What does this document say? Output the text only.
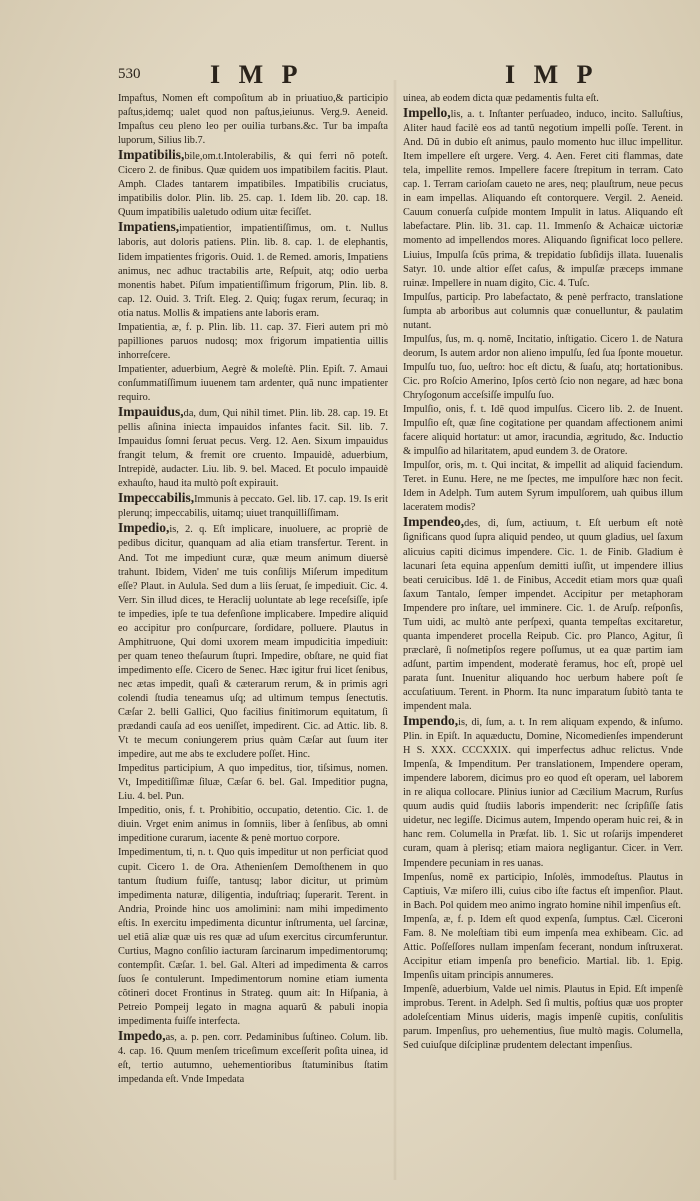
530	I M P	I M P

Impaftus, Nomen eft compoſitum ab in priuatiuo,& participio paſtus,idemq; ualet quod non paſtus,ieiunus. Verg.9. Aeneid. Impaſtus ceu pleno leo per ouilia turbans.&c. Tur ba impaſta luporum, Silius lib.7.

Impatibilis,bile,om.t.Intolerabilis, & qui ferri nõ poteſt. Cicero 2. de finibus. Quæ quidem uos impatibilem facitis. Plaut. Amph. Clades tantarem impatibiles. Impatibilis cruciatus, impatibilis dolor. Plin. lib. 25. cap. 1. Idem lib. 20. cap. 18. Quum impatibilis ualetudo odium uitæ feciſſet.

Impatiens,impatientior, impatientiſſimus, om. t. Nullus laboris, aut doloris patiens. Plin. lib. 8. cap. 1. de elephantis, Iidem impatientes frigoris. Ouid. 1. de Remed. amoris, Impatiens animus, nec adhuc tractabilis arte, Reſpuit, atq; odio uerba monentis habet. Piſum impatientiſſimum frigorum, Plin. lib. 8. cap. 12. Ouid. 3. Triſt. Eleg. 2. Quiq; fugax rerum, ſecuraq; in otia natus. Mollis & impatiens ante laboris eram.

Impatientia, æ, f. p. Plin. lib. 11. cap. 37. Fieri autem pri mò papilliones paruos nudosq; mox frigorum impatientia uillis inhorreſcere.

Impatienter, aduerbium, Aegrè & moleſtè. Plin. Epiſt. 7. Amaui conſummatiſſimum iuuenem tam ardenter, quã nunc impatienter requiro.

Impauidus,da, dum, Qui nihil timet. Plin. lib. 28. cap. 19. Et pellis aſinina iniecta impauidos infantes facit. Sil. lib. 7. Impauidus ſomni ſeruat pecus. Verg. 12. Aen. Sixum impauidus frangit telum, & fremit ore cruento. Impauidè, aduerbium, Intrepidè, audacter. Liu. lib. 9. bel. Maced. Et poculo impauidè exhauſto, haud ita multò poſt expirauit.

Impeccabilis,Immunis à peccato. Gel. lib. 17. cap. 19. Is erit plerunq; impeccabilis, uitamq; uiuet tranquilliſſimam.

Impedio,is, 2. q. Eſt implicare, inuoluere, ac propriè de pedibus dicitur, quanquam ad alia etiam transfertur. Terent. in And. Tot me impediunt curæ, quæ meum animum diuersè trahunt. Ibidem, Viden' me tuis conſilijs Miſerum impeditum eſſe? Plaut. in Aulula. Sed dum a liis ſeruat, ſe impediuit. Cic. 4. Verr. Sin illud dices, te Heraclij uoluntate ab lege receſsiſſe, ipſe te impedies, ipſe te tua defenſione implicabere. Impedire aliquid eo accipitur pro conſpurcare, ſordidare, polluere. Plautus in Amphitruone, Qui domi uxorem meam impudicitia impediuit: per quam teneo theſaurum ſtupri. Impedire, obſtare, ne quid fiat impedimento eſſe. Cicero de Senec. Hæc igitur frui licet ſenibus, nec ætas impedit, quaſi & cæterarum rerum, & in primis agri colendi ſtudia teneamus uſq; ad ultimum tempus ſenectutis. Cæſar 2. belli Gallici, Quo facilius finitimorum equitatum, ſi prædandi cauſa ad eos ueniſſet, impedirent. Cic. ad Attic. lib. 8. Vt te mecum coniungerem prius quàm Cæſar aut ſuum iter impedire, aut me abs te excludere poſſet. Hinc.

Impeditus participium, A quo impeditus, tior, tiſsimus, nomen. Vt, Impeditiſſimæ ſiluæ, Cæſar 6. bel. Gal. Impeditior pugna, Liu. 4. bel. Pun.

Impeditio, onis, f. t. Prohibitio, occupatio, detentio. Cic. 1. de diuin. Vrget enim animus in ſomniis, liber à ſenſibus, ab omni impeditione curarum, iacente & penè mortuo corpore.

Impedimentum, ti, n. t. Quo quis impeditur ut non perficiat quod cupit. Cicero 1. de Ora. Athenienſem Demoſthenem in quo tantum ſtudium fuiſſe, tantusq; labor dicitur, ut primùm impedimenta naturæ, diligentia, induſtriaq; ſuperarit. Terent. in Andria, Proinde hinc uos amolimini: nam mihi impedimento eſtis. In exercitu impedimenta dicuntur inſtrumenta, uel ſarcinæ, uel etiã aliæ quæ uis res quæ ad uſum exercitus circumferuntur. Curtius, Magno conſilio iacturam ſarcinarum impedimentorumq; contempſit. Cæſar. 1. bel. Gal. Alteri ad impedimenta & carros ſuos ſe contulerunt. Impedimentorum nomine etiam iumenta cõtineri docet Frontinus in Strateg. quum ait: In Hiſpania, à Petreio Pompeij legato in magna aquarũ & pabuli inopia impedimenta fuiſſe interfecta.

Impedo,as, a. p. pen. corr. Pedaminibus ſuſtineo. Colum. lib. 4. cap. 16. Quum menſem triceſimum exceſſerit poſita uinea, id eſt, tertio autumno, uehementioribus ſtatuminibus ſtatim impedanda eſt. Vnde Impedata

uinea, ab eodem dicta quæ pedamentis fulta eſt.

Impello,lis, a. t. Inſtanter perſuadeo, induco, incito. Salluſtius, Aliter haud facilè eos ad tantũ negotium impelli poſſe. Terent. in And. Dũ in dubio eſt animus, paulo momento huc illuc impellitur. Item impellere eſt urgere. Verg. 4. Aen. Feret citi flammas, date tela, impellite remos. Impellere facere ſtrepitum in terram. Cato cap. 1. Terram carioſam caueto ne ares, neq; plauſtrum, neue pecus in eam impellas. Aliquando eſt contorquere. Vergil. 2. Aeneid. Cauum conuerſa cuſpide montem Impulit in latus. Aliquando eſt labefactare. Plin. lib. 31. cap. 11. Immenſo & Achaicæ uictoriæ momento ad impellendos mores. Aliquando ſignificat loco pellere. Liuius, Impulſa ſcũs prima, & trepidatio ſubſidijs illata. Iuuenalis Satyr. 10. unde altior eſſet caſus, & impulſæ præceps immane ruinæ. Impellere in nuam digito, Cic. 4. Tuſc.

Impulſus, particip. Pro labefactato, & penè perfracto, translatione ſumpta ab arboribus aut columnis quæ conuelluntur, & paulatim nutant.

Impulſus, ſus, m. q. nomẽ, Incitatio, inſtigatio. Cicero 1. de Natura deorum, Is autem ardor non alieno impulſu, ſed ſua ſponte mouetur. Impulſu tuo, ſuo, ueſtro: hoc eſt dictu, & ſuaſu, atq; hortationibus. Cic. pro Roſcio Amerino, Ipſos certò ſcio non negare, ad hæc bona Chryſogonum acceſsiſſe impulſu ſuo.

Impulſio, onis, f. t. Idẽ quod impulſus. Cicero lib. 2. de Inuent. Impulſio eſt, quæ ſine cogitatione per quandam affectionem animi facere aliquid hortatur: ut amor, iracundia, ægritudo, &c. Inductio & impulſio ad hilaritatem, apud eundem 3. de Oratore.

Impulſor, oris, m. t. Qui incitat, & impellit ad aliquid faciendum. Teret. in Eunu. Here, ne me ſpectes, me impulſore hæc non fecit. Idem in Adelph. Tum autem Syrum impulſorem, uah quibus illum laceratem modis?

Impendeo,des, di, ſum, actiuum, t. Eſt uerbum eſt notè ſignificans quod ſupra aliquid pendeo, ut quum gladius, uel ſaxum alicuius capiti dicimus impendere. Cic. 1. de Finib. Gladium è lacunari ſeta equina appenſum demitti iuſſit, ut impendere illius beati ceruicibus. Idẽ 1. de Finibus, Accedit etiam mors quæ quaſi ſaxum Tantalo, ſemper impendet. Accipitur per metaphoram Impendere pro inſtare, uel imminere. Cic. 1. de Aruſp. reſponſis, Tum uidi, ac multò ante perſpexi, quanta tempeſtas excitaretur, quanta impenderet procella Reipub. Cic. pro Planco, Agitur, ſi præclarè, ſi noſmetipſos regere poſſumus, ut ea quæ partim iam adſunt, partim impendent, moderatè feramus, hoc eſt, propè uel parata ſunt. Inuenitur aliquando hoc uerbum habere poſt ſe accuſatiuum. Terent. in Phorm. Ita nunc imparatum ſubitò tanta te impendent mala.

Impendo,is, di, ſum, a. t. In rem aliquam expendo, & inſumo. Plin. in Epiſt. In aquæductu, Domine, Nicomedienſes impenderunt H S. XXX. CCCXXIX. qui imperfectus adhuc relictus. Vnde Impenſa, & Impenditum. Per translationem, Impendere operam, impendere laborem, dicimus pro eo quod eſt operam, uel laborem in re aliqua collocare. Plinius iunior ad Cæcilium Macrum, Rurſus quum audis quid ſtudiis laboris impenderit: nec ſcripſiſſe ſatis uidetur, nec legiſſe. Dicimus autem, Impendo operam huic rei, & in hanc rem. Columella in Præfat. lib. 1. Sic ut roſarijs impenderet curam, quam à plerisq; etiam maiora negligantur. Cicer. in Verr. Impendere pecuniam in res uanas.

Impenſus, nomẽ ex participio, Inſolès, immodeſtus. Plautus in Captiuis, Væ miſero illi, cuius cibo iſte factus eſt impenſior. Plaut. in Bach. Pol quidem meo animo ingrato homine nihil impenſius eſt.

Impenſa, æ, f. p. Idem eſt quod expenſa, ſumptus. Cæl. Ciceroni Fam. 8. Ne moleſtiam tibi eum impenſa mea exhibeam. Cic. ad Attic. Poſſeſſores nullam impenſam fecerant, nondum inſtruxerat. Accipitur etiam impenſa pro beneficio. Martial. lib. 1. Epig. Impenſis uitam principis annumeres.

Impenſè, aduerbium, Valde uel nimis. Plautus in Epid. Eſt impenſè improbus. Terent. in Adelph. Sed ſi multis, poſtius quæ uos propter adoleſcentiam Minus uideris, magis impenſè cupitis, conſulitis parum. Impenſius, pro uehementius, ſiue multò magis. Columella, Sed cuiuſque diſciplinæ prudentem delectant impenſius.
